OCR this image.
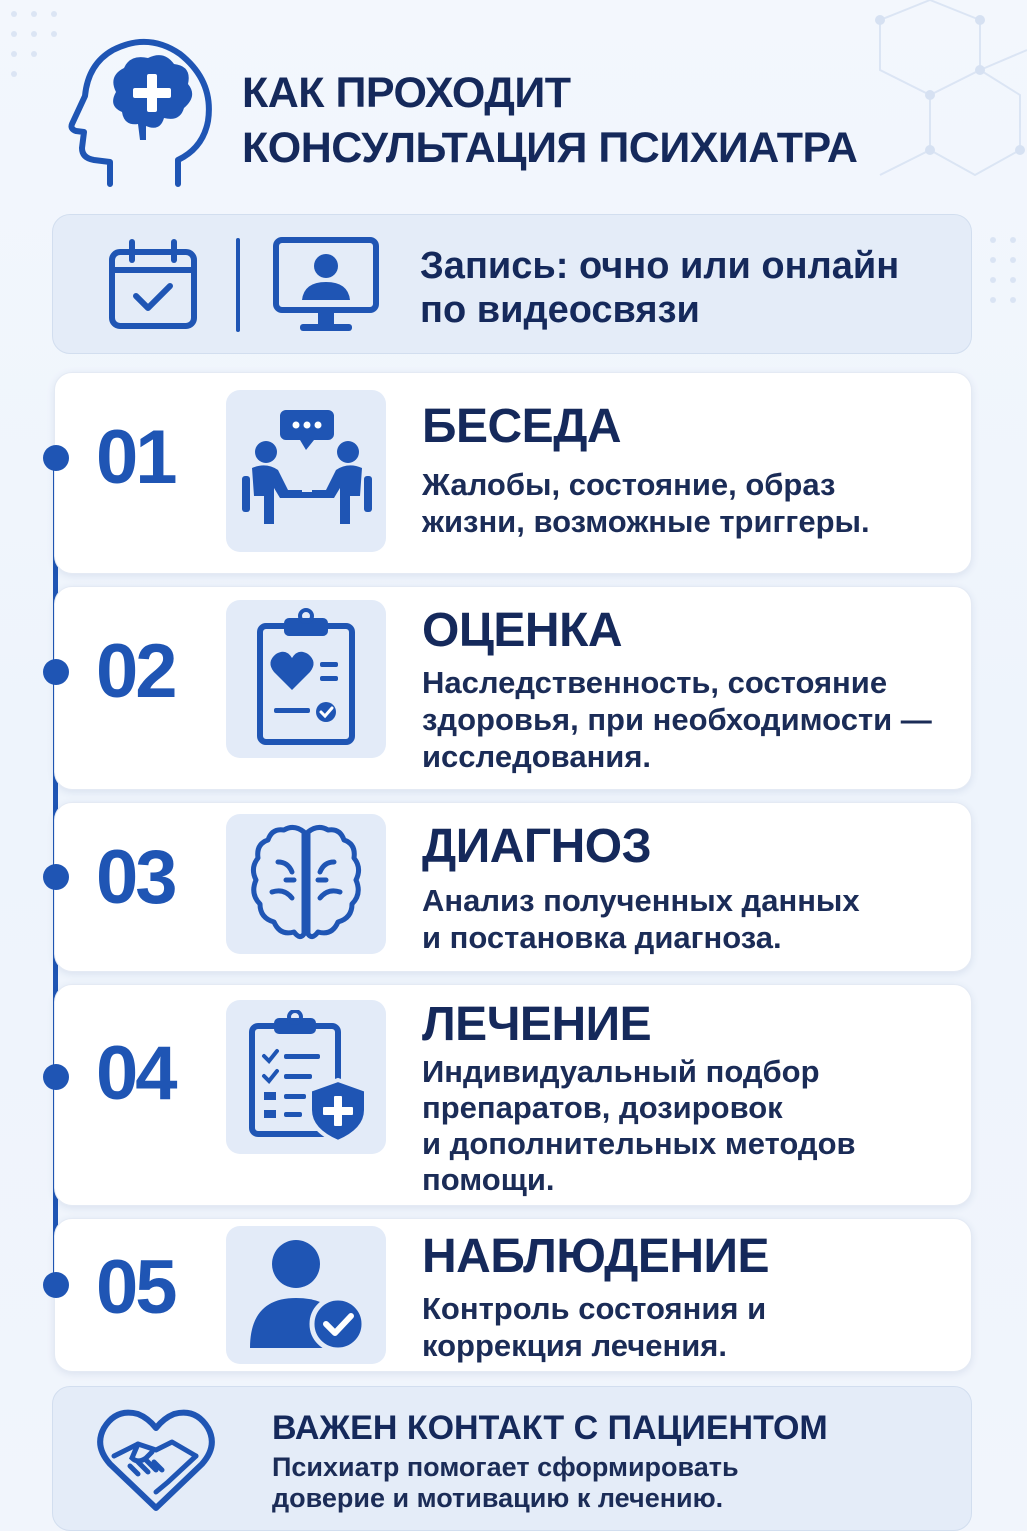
КАК ПРОХОДИТ
КОНСУЛЬТАЦИЯ ПСИХИАТРА
Запись: очно или онлайн
по видеосвязи
01	БЕСЕДА
Жалобы, состояние, образ
жизни, возможные триггеры.
02	ОЦЕНКА
Наследственность, состояние
здоровья, при необходимости —
исследования.
03	ДИАГНОЗ
Анализ полученных данных
и постановка диагноза.
04
ЛЕЧЕНИЕ
Индивидуальный подбор
препаратов, дозировок
и дополнительных методов
помощи.
05	НАБЛЮДЕНИЕ
Контроль состояния и
коррекция лечения.
ВАЖЕН КОНТАКТ С ПАЦИЕНТОМ
Психиатр помогает сформировать
доверие и мотивацию к лечению.
